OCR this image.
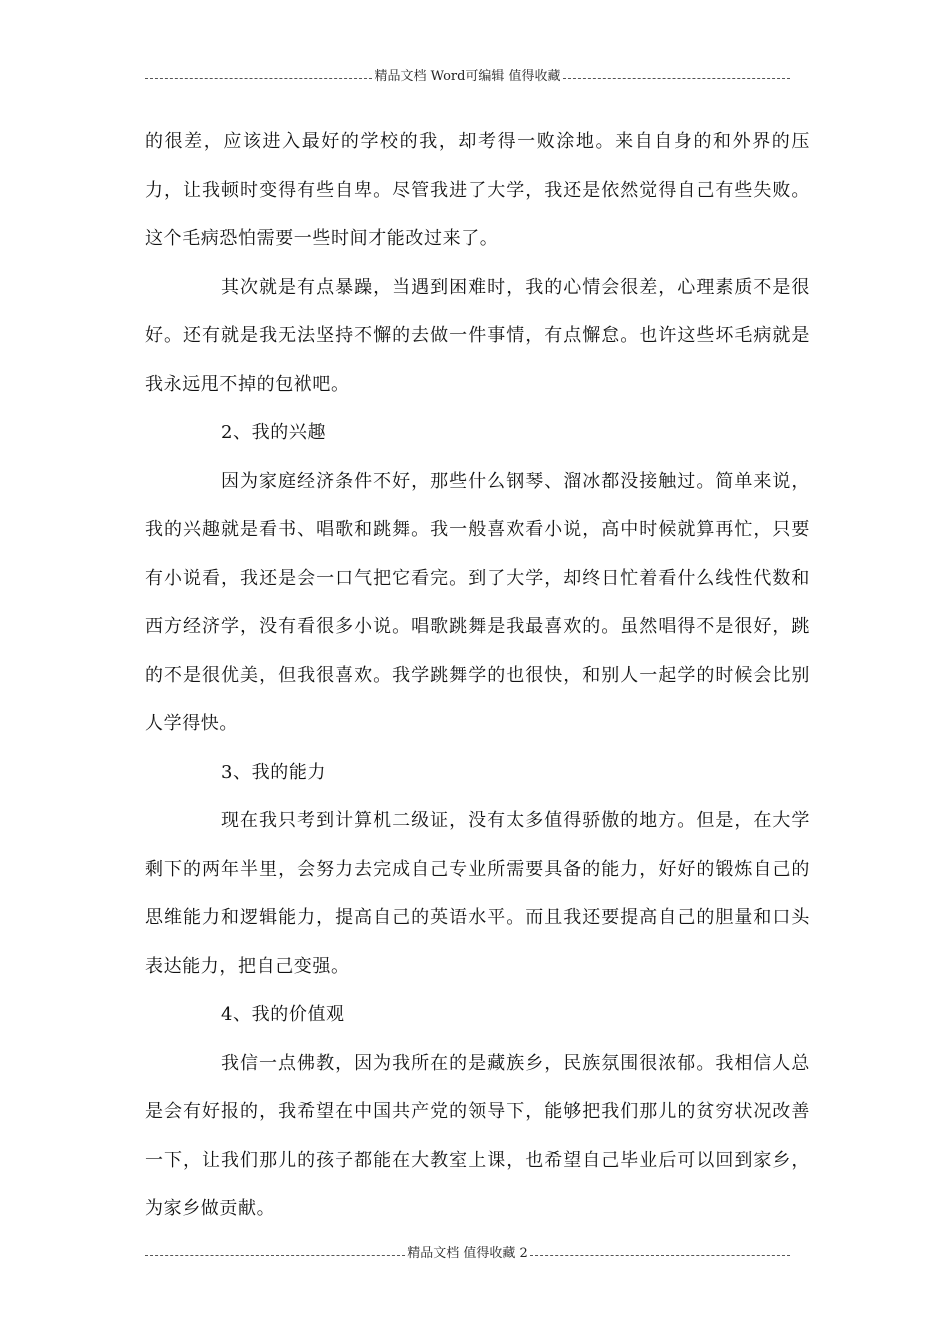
精品文档 Word可编辑 值得收藏

的很差，应该进入最好的学校的我，却考得一败涂地。来自自身的和外界的压力，让我顿时变得有些自卑。尽管我进了大学，我还是依然觉得自己有些失败。这个毛病恐怕需要一些时间才能改过来了。

其次就是有点暴躁，当遇到困难时，我的心情会很差，心理素质不是很好。还有就是我无法坚持不懈的去做一件事情，有点懈怠。也许这些坏毛病就是我永远甩不掉的包袱吧。

2、我的兴趣

因为家庭经济条件不好，那些什么钢琴、溜冰都没接触过。简单来说，我的兴趣就是看书、唱歌和跳舞。我一般喜欢看小说，高中时候就算再忙，只要有小说看，我还是会一口气把它看完。到了大学，却终日忙着看什么线性代数和西方经济学，没有看很多小说。唱歌跳舞是我最喜欢的。虽然唱得不是很好，跳的不是很优美，但我很喜欢。我学跳舞学的也很快，和别人一起学的时候会比别人学得快。

3、我的能力

现在我只考到计算机二级证，没有太多值得骄傲的地方。但是，在大学剩下的两年半里，会努力去完成自己专业所需要具备的能力，好好的锻炼自己的思维能力和逻辑能力，提高自己的英语水平。而且我还要提高自己的胆量和口头表达能力，把自己变强。

4、我的价值观

我信一点佛教，因为我所在的是藏族乡，民族氛围很浓郁。我相信人总是会有好报的，我希望在中国共产党的领导下，能够把我们那儿的贫穷状况改善一下，让我们那儿的孩子都能在大教室上课，也希望自己毕业后可以回到家乡，为家乡做贡献。

精品文档 值得收藏 2
